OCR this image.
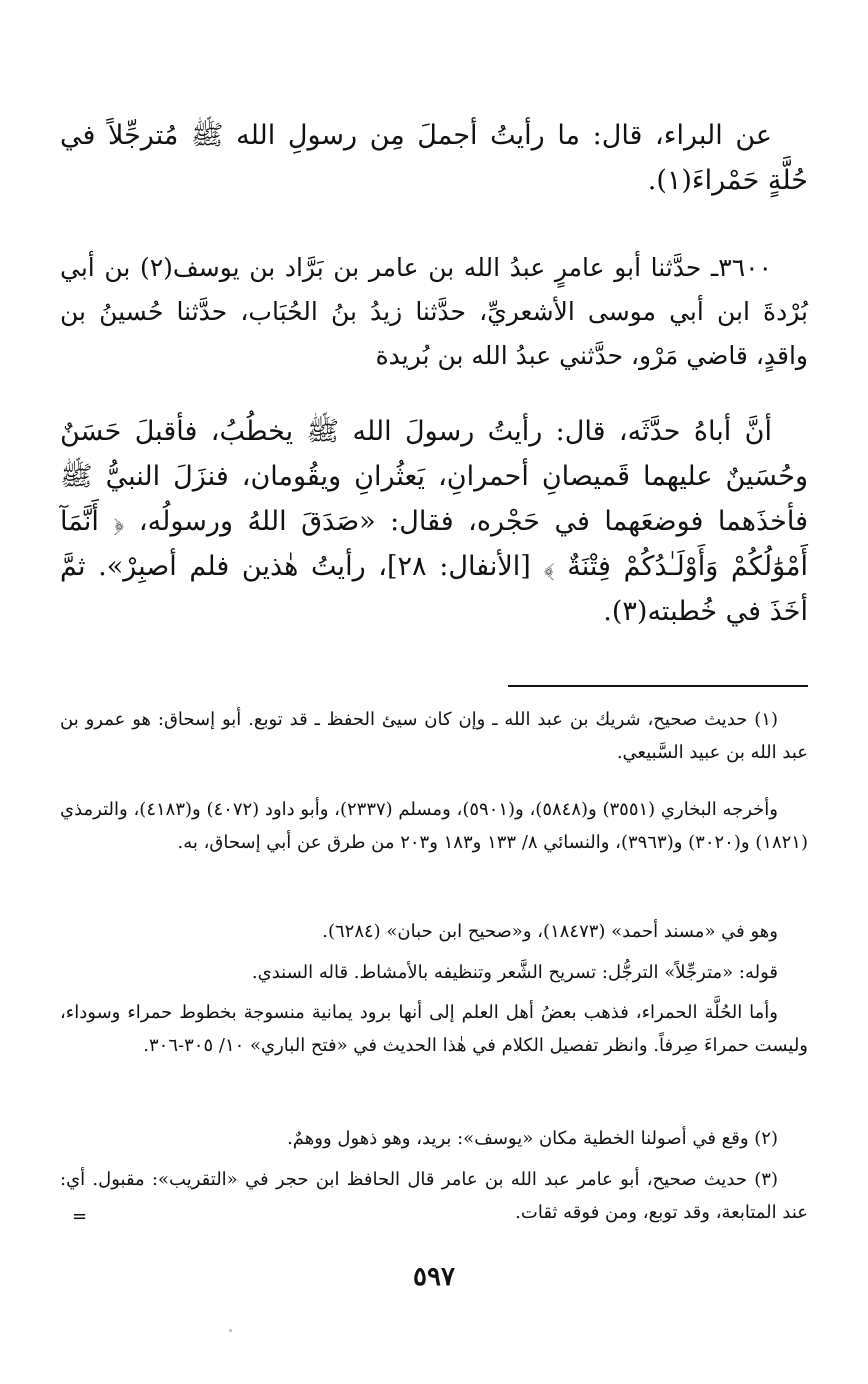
عن البراء، قال: ما رأيتُ أجملَ مِن رسولِ الله ﷺ مُترجِّلاً في حُلَّةٍ حَمْراءَ(١).

٣٦٠٠ـ حدَّثنا أبو عامرٍ عبدُ الله بن عامر بن بَرَّاد بن يوسف(٢) بن أبي بُرْدةَ ابن أبي موسى الأشعريِّ، حدَّثنا زيدُ بنُ الحُبَاب، حدَّثنا حُسينُ بن واقدٍ، قاضي مَرْو، حدَّثني عبدُ الله بن بُريدة

أنَّ أباهُ حدَّثَه، قال: رأيتُ رسولَ الله ﷺ يخطُبُ، فأقبلَ حَسَنٌ وحُسَينٌ عليهما قَميصانِ أحمرانِ، يَعثُرانِ ويقُومان، فنزَلَ النبيُّ ﷺ فأخذَهما فوضعَهما في حَجْره، فقال: «صَدَقَ اللهُ ورسولُه، ﴿ أَنَّمَآ أَمْوَٰلُكُمْ وَأَوْلَـٰدُكُمْ فِتْنَةٌ ﴾ [الأنفال: ٢٨]، رأيتُ هٰذين فلم أصبِرْ». ثمَّ أخَذَ في خُطبته(٣).

(١) حديث صحيح، شريك بن عبد الله ـ وإن كان سيئ الحفظ ـ قد توبع. أبو إسحاق: هو عمرو بن عبد الله بن عبيد السَّبيعي.

وأخرجه البخاري (٣٥٥١) و(٥٨٤٨)، و(٥٩٠١)، ومسلم (٢٣٣٧)، وأبو داود (٤٠٧٢) و(٤١٨٣)، والترمذي (١٨٢١) و(٣٠٢٠) و(٣٩٦٣)، والنسائي ٨/ ١٣٣ و١٨٣ و٢٠٣ من طرق عن أبي إسحاق، به.

وهو في «مسند أحمد» (١٨٤٧٣)، و«صحيح ابن حبان» (٦٢٨٤).

قوله: «مترجِّلاً» الترجُّل: تسريح الشَّعر وتنظيفه بالأمشاط. قاله السندي.

وأما الحُلَّة الحمراء، فذهب بعضُ أهل العلم إلى أنها برود يمانية منسوجة بخطوط حمراء وسوداء، وليست حمراءَ صِرفاً. وانظر تفصيل الكلام في هٰذا الحديث في «فتح الباري» ١٠/ ٣٠٥-٣٠٦.

(٢) وقع في أصولنا الخطية مكان «يوسف»: بريد، وهو ذهول ووهمٌ.

(٣) حديث صحيح، أبو عامر عبد الله بن عامر قال الحافظ ابن حجر في «التقريب»: مقبول. أي: عند المتابعة، وقد توبع، ومن فوقه ثقات.

=
٥٩٧
